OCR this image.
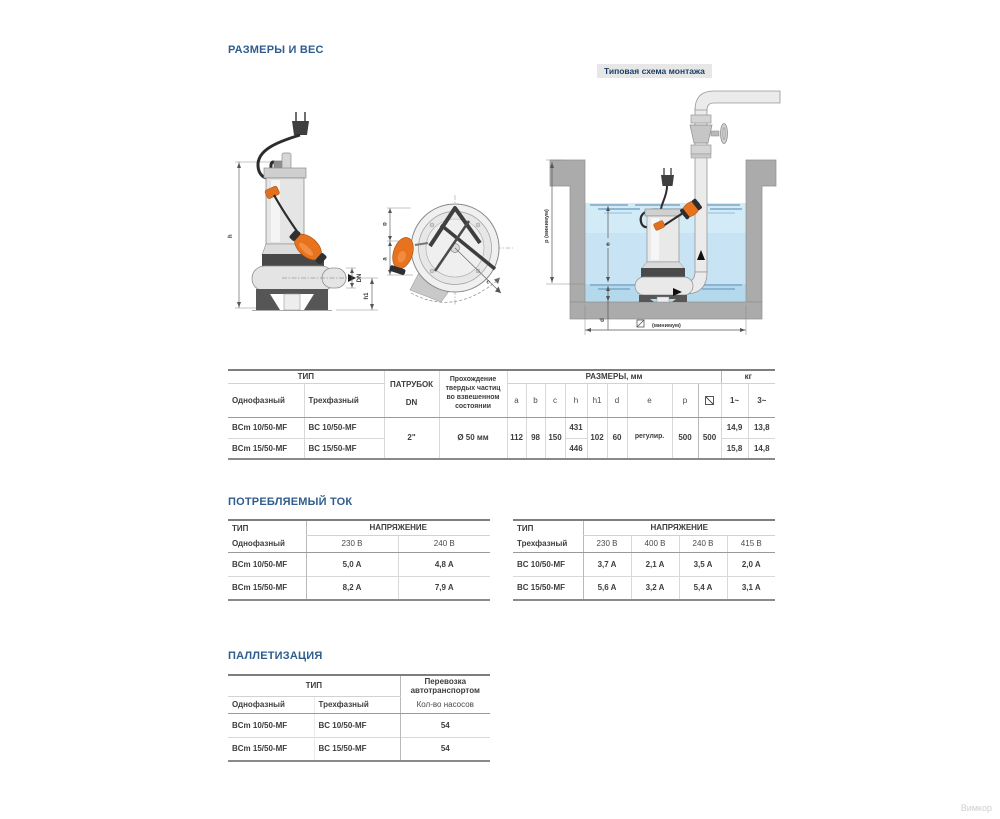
РАЗМЕРЫ И ВЕС
Типовая схема монтажа
h
DN
h1
b
a
c
p (минимум)
e
d
(минимум)
ТИП		ПАТРУБОК
DN	Прохождение твердых частиц во взвешенном состоянии	РАЗМЕРЫ, мм									кг	
Однофазный	Трехфазный			a	b	c	h	h1	d	e	p		1~	3~
BCm 10/50-MF	BC 10/50-MF	2"	Ø 50 мм	112	98	150	431	102	60	регулир.	500	500	14,9	13,8
BCm 15/50-MF	BC 15/50-MF						446						15,8	14,8
ПОТРЕБЛЯЕМЫЙ ТОК
ТИП	НАПРЯЖЕНИЕ	
Однофазный	230 В	240 В
BCm 10/50-MF	5,0 A	4,8 A
BCm 15/50-MF	8,2 A	7,9 A
ТИП	НАПРЯЖЕНИЕ			
Трехфазный	230 В	400 В	240 В	415 В
BC 10/50-MF	3,7 A	2,1 A	3,5 A	2,0 A
BC 15/50-MF	5,6 A	3,2 A	5,4 A	3,1 A
ПАЛЛЕТИЗАЦИЯ
ТИП		Перевозка автотранспортом
Однофазный	Трехфазный	Кол-во насосов
BCm 10/50-MF	BC 10/50-MF	54
BCm 15/50-MF	BC 15/50-MF	54
Вимкор
